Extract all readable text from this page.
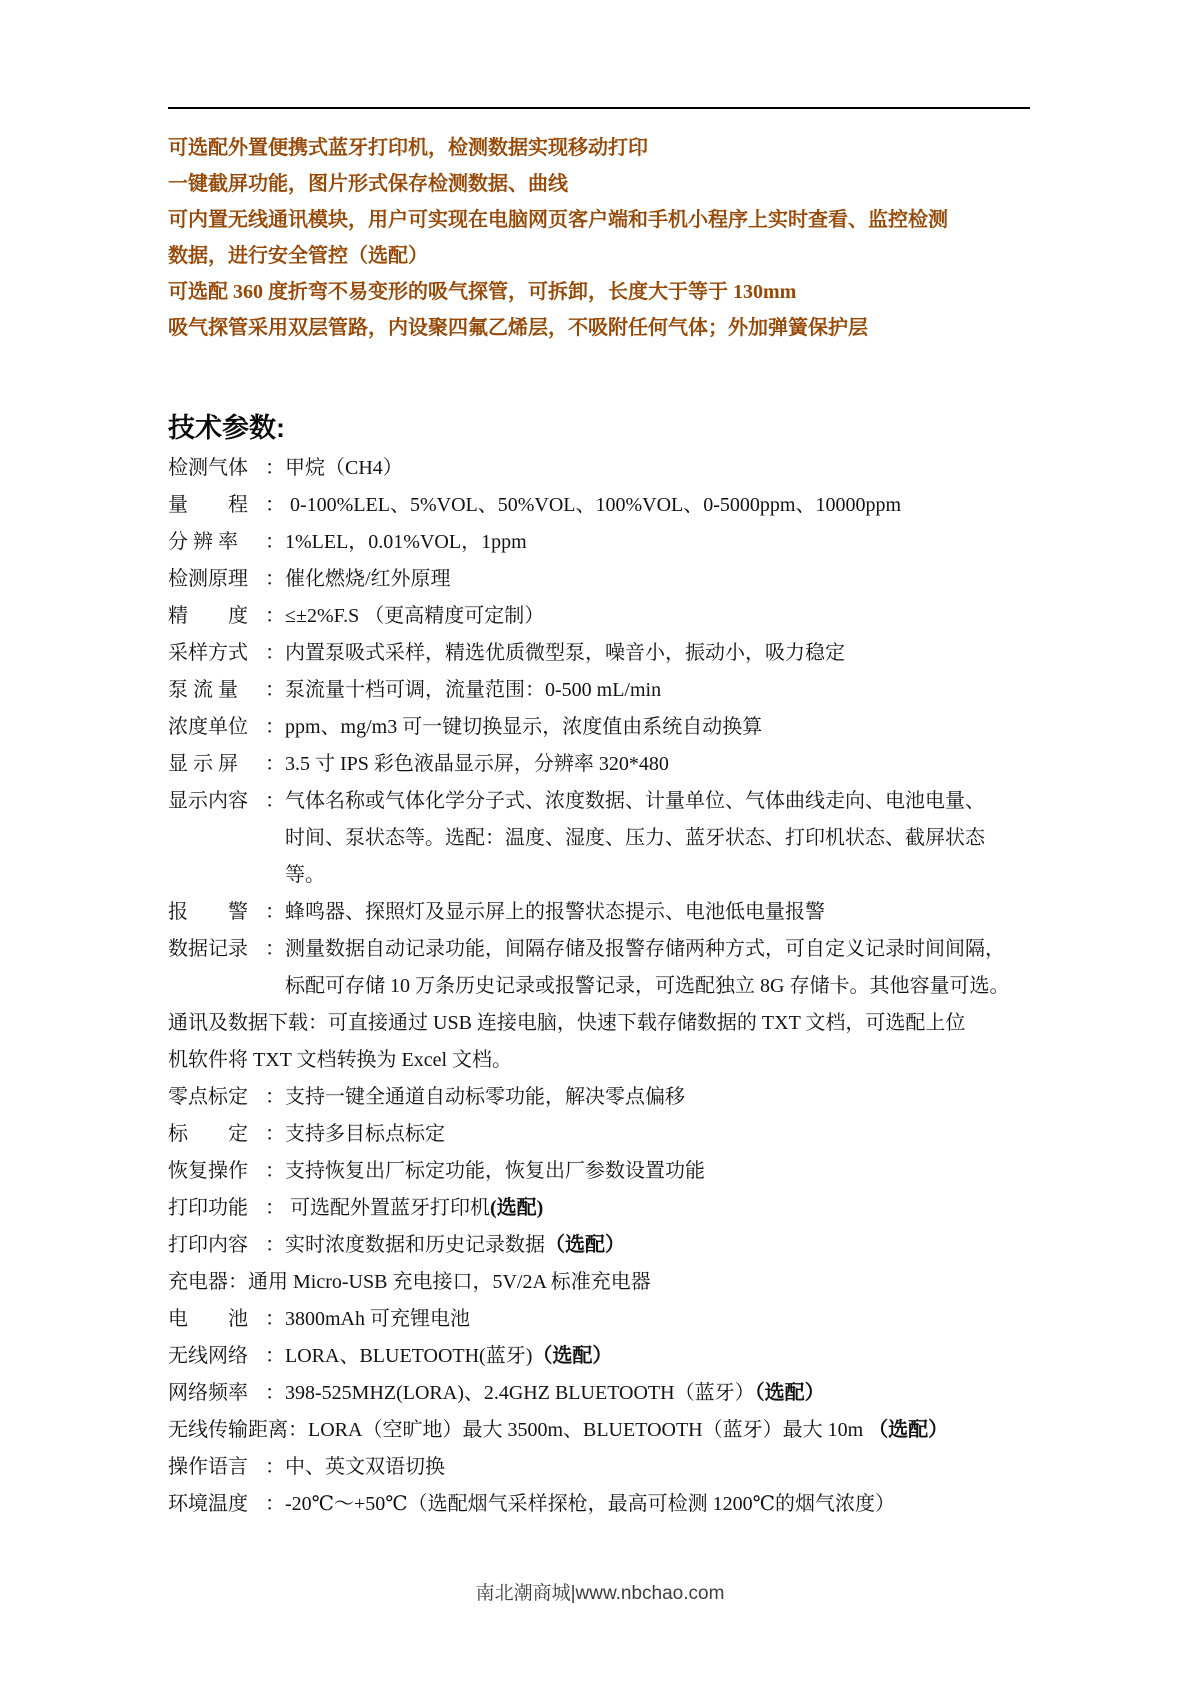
可选配外置便携式蓝牙打印机，检测数据实现移动打印
一键截屏功能，图片形式保存检测数据、曲线
可内置无线通讯模块，用户可实现在电脑网页客户端和手机小程序上实时查看、监控检测
数据，进行安全管控（选配）
可选配 360 度折弯不易变形的吸气探管，可拆卸，长度大于等于 130mm
吸气探管采用双层管路，内设聚四氟乙烯层，不吸附任何气体；外加弹簧保护层
技术参数:
检测气体 ： 甲烷（CH4）
量　　程 ： 0-100%LEL、5%VOL、50%VOL、100%VOL、0-5000ppm、10000ppm
分 辨 率	： 1%LEL，0.01%VOL，1ppm
检测原理 ： 催化燃烧/红外原理
精　　度 ： ≤±2%F.S （更高精度可定制）
采样方式 ： 内置泵吸式采样，精选优质微型泵，噪音小，振动小，吸力稳定
泵 流 量	： 泵流量十档可调，流量范围：0-500 mL/min
浓度单位 ： ppm、mg/m3 可一键切换显示，浓度值由系统自动换算
显 示 屏	： 3.5 寸 IPS 彩色液晶显示屏，分辨率 320*480
显示内容 ： 气体名称或气体化学分子式、浓度数据、计量单位、气体曲线走向、电池电量、
时间、泵状态等。选配：温度、湿度、压力、蓝牙状态、打印机状态、截屏状态
等。
报　　警 ： 蜂鸣器、探照灯及显示屏上的报警状态提示、电池低电量报警
数据记录 ： 测量数据自动记录功能，间隔存储及报警存储两种方式，可自定义记录时间间隔，
标配可存储 10 万条历史记录或报警记录，可选配独立 8G 存储卡。其他容量可选。
通讯及数据下载：可直接通过 USB 连接电脑，快速下载存储数据的 TXT 文档，可选配上位
机软件将 TXT 文档转换为 Excel 文档。
零点标定 ： 支持一键全通道自动标零功能，解决零点偏移
标　　定 ： 支持多目标点标定
恢复操作 ： 支持恢复出厂标定功能，恢复出厂参数设置功能
打印功能 ： 可选配外置蓝牙打印机(选配)
打印内容 ： 实时浓度数据和历史记录数据（选配）
充电器 ： 通用 Micro-USB 充电接口，5V/2A 标准充电器
电　　池 ： 3800mAh 可充锂电池
无线网络 ： LORA、BLUETOOTH(蓝牙)（选配）
网络频率 ： 398-525MHZ(LORA)、2.4GHZ BLUETOOTH（蓝牙）（选配）
无线传输距离 ： LORA（空旷地）最大 3500m、BLUETOOTH（蓝牙）最大 10m （选配）
操作语言 ： 中、英文双语切换
环境温度 ： -20℃～+50℃（选配烟气采样探枪，最高可检测 1200℃的烟气浓度）
南北潮商城|www.nbchao.com
